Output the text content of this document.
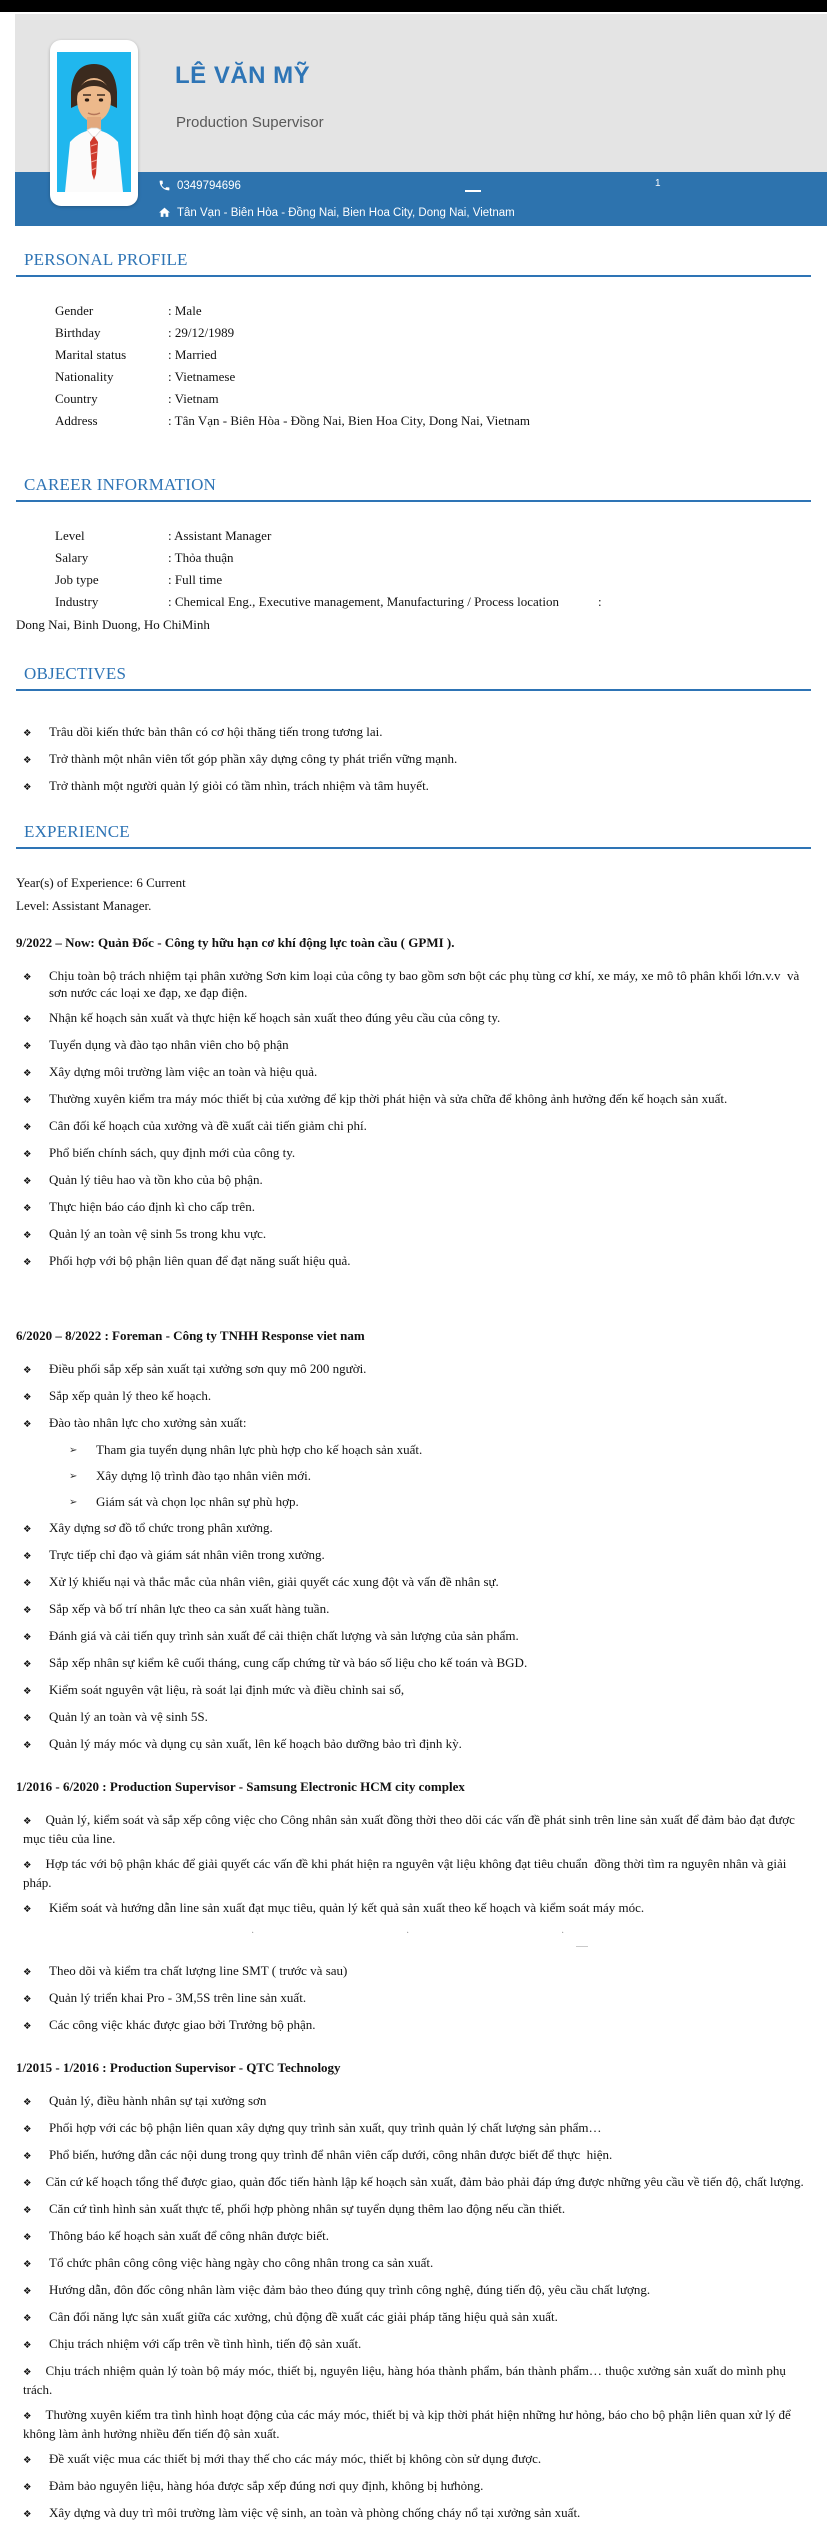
LÊ VĂN MỸ
Production Supervisor
0349794696	1
Tân Vạn - Biên Hòa - Đồng Nai, Bien Hoa City, Dong Nai, Vietnam
PERSONAL PROFILE
Gender	: Male
Birthday	: 29/12/1989
Marital status	: Married
Nationality	: Vietnamese
Country	: Vietnam
Address	: Tân Vạn - Biên Hòa - Đồng Nai, Bien Hoa City, Dong Nai, Vietnam
CAREER INFORMATION
Level	: Assistant Manager
Salary	: Thỏa thuận
Job type	: Full time
Industry	: Chemical Eng., Executive management, Manufacturing / Process location            :

Dong Nai, Binh Duong, Ho ChiMinh

OBJECTIVES
❖	Trâu dồi kiến thức bản thân có cơ hội thăng tiến trong tương lai.
❖	Trở thành một nhân viên tốt góp phần xây dựng công ty phát triển vững mạnh.
❖	Trở thành một người quản lý giỏi có tầm nhìn, trách nhiệm và tâm huyết.
EXPERIENCE

Year(s) of Experience: 6 Current

Level: Assistant Manager.

9/2022 – Now: Quản Đốc - Công ty hữu hạn cơ khí động lực toàn cầu ( GPMI ).

❖	Chịu toàn bộ trách nhiệm tại phân xưởng Sơn kim loại của công ty bao gồm sơn bột các phụ tùng cơ khí, xe máy, xe mô tô phân khối lớn.v.v  và sơn nước các loại xe đạp, xe đạp điện.
❖	Nhận kế hoạch sản xuất và thực hiện kế hoạch sản xuất theo đúng yêu cầu của công ty.
❖	Tuyển dụng và đào tạo nhân viên cho bộ phận
❖	Xây dựng môi trường làm việc an toàn và hiệu quả.
❖	Thường xuyên kiểm tra máy móc thiết bị của xưởng để kịp thời phát hiện và sửa chữa để không ảnh hưởng đến kế hoạch sản xuất.
❖	Cân đối kế hoạch của xưởng và đề xuất cải tiến giảm chi phí.
❖	Phổ biến chính sách, quy định mới của công ty.
❖	Quản lý tiêu hao và tồn kho của bộ phận.
❖	Thực hiện báo cáo định kì cho cấp trên.
❖	Quản lý an toàn vệ sinh 5s trong khu vực.
❖	Phối hợp với bộ phận liên quan để đạt năng suất hiệu quả.

6/2020 – 8/2022 : Foreman - Công ty TNHH Response viet nam

❖	Điều phối sắp xếp sản xuất tại xưởng sơn quy mô 200 người.
❖	Sắp xếp quản lý theo kế hoạch.
❖	Đào tào nhân lực cho xưởng sản xuất:
➢	Tham gia tuyển dụng nhân lực phù hợp cho kế hoạch sản xuất.
➢	Xây dựng lộ trình đào tạo nhân viên mới.
➢	Giám sát và chọn lọc nhân sự phù hợp.
❖	Xây dựng sơ đồ tổ chức trong phân xưởng.
❖	Trực tiếp chỉ đạo và giám sát nhân viên trong xưởng.
❖	Xử lý khiếu nại và thắc mắc của nhân viên, giải quyết các xung đột và vấn đề nhân sự.
❖	Sắp xếp và bố trí nhân lực theo ca sản xuất hàng tuần.
❖	Đánh giá và cải tiến quy trình sản xuất để cải thiện chất lượng và sản lượng của sản phẩm.
❖	Sắp xếp nhân sự kiểm kê cuối tháng, cung cấp chứng từ và báo số liệu cho kế toán và BGD.
❖	Kiểm soát nguyên vật liệu, rà soát lại định mức và điều chỉnh sai số,
❖	Quản lý an toàn và vệ sinh 5S.
❖	Quản lý máy móc và dụng cụ sản xuất, lên kế hoạch bảo dưỡng bảo trì định kỳ.

1/2016 - 6/2020 : Production Supervisor - Samsung Electronic HCM city complex

❖ Quản lý, kiểm soát và sắp xếp công việc cho Công nhân sản xuất đồng thời theo dõi các vấn đề phát sinh trên line sản xuất để đảm bảo đạt được mục tiêu của line.
❖ Hợp tác với bộ phận khác để giải quyết các vấn đề khi phát hiện ra nguyên vật liệu không đạt tiêu chuẩn  đồng thời tìm ra nguyên nhân và giải pháp.
❖	Kiểm soát và hướng dẫn line sản xuất đạt mục tiêu, quản lý kết quả sản xuất theo kế hoạch và kiểm soát máy móc.
·	·	·
❖	Theo dõi và kiểm tra chất lượng line SMT ( trước và sau)
❖	Quản lý triển khai Pro - 3M,5S trên line sản xuất.
❖	Các công việc khác được giao bởi Trưởng bộ phận.

1/2015 - 1/2016 : Production Supervisor - QTC Technology

❖	Quản lý, điều hành nhân sự tại xưởng sơn
❖	Phối hợp với các bộ phận liên quan xây dựng quy trình sản xuất, quy trình quản lý chất lượng sản phẩm…
❖	Phổ biến, hướng dẫn các nội dung trong quy trình để nhân viên cấp dưới, công nhân được biết để thực  hiện.
❖ Căn cứ kế hoạch tổng thể được giao, quản đốc tiến hành lập kế hoạch sản xuất, đảm bảo phải đáp ứng được những yêu cầu về tiến độ, chất lượng.
❖	Căn cứ tình hình sản xuất thực tế, phối hợp phòng nhân sự tuyển dụng thêm lao động nếu cần thiết.
❖	Thông báo kế hoạch sản xuất để công nhân được biết.
❖	Tổ chức phân công công việc hàng ngày cho công nhân trong ca sản xuất.
❖	Hướng dẫn, đôn đốc công nhân làm việc đảm bảo theo đúng quy trình công nghệ, đúng tiến độ, yêu cầu chất lượng.
❖	Cân đối năng lực sản xuất giữa các xưởng, chủ động đề xuất các giải pháp tăng hiệu quả sản xuất.
❖	Chịu trách nhiệm với cấp trên về tình hình, tiến độ sản xuất.
❖ Chịu trách nhiệm quản lý toàn bộ máy móc, thiết bị, nguyên liệu, hàng hóa thành phẩm, bán thành phẩm… thuộc xưởng sản xuất do mình phụ trách.
❖ Thường xuyên kiểm tra tình hình hoạt động của các máy móc, thiết bị và kịp thời phát hiện những hư hỏng, báo cho bộ phận liên quan xử lý để không làm ảnh hưởng nhiều đến tiến độ sản xuất.
❖	Đề xuất việc mua các thiết bị mới thay thế cho các máy móc, thiết bị không còn sử dụng được.
❖	Đảm bảo nguyên liệu, hàng hóa được sắp xếp đúng nơi quy định, không bị hưhỏng.
❖	Xây dựng và duy trì môi trường làm việc vệ sinh, an toàn và phòng chống cháy nổ tại xưởng sản xuất.
